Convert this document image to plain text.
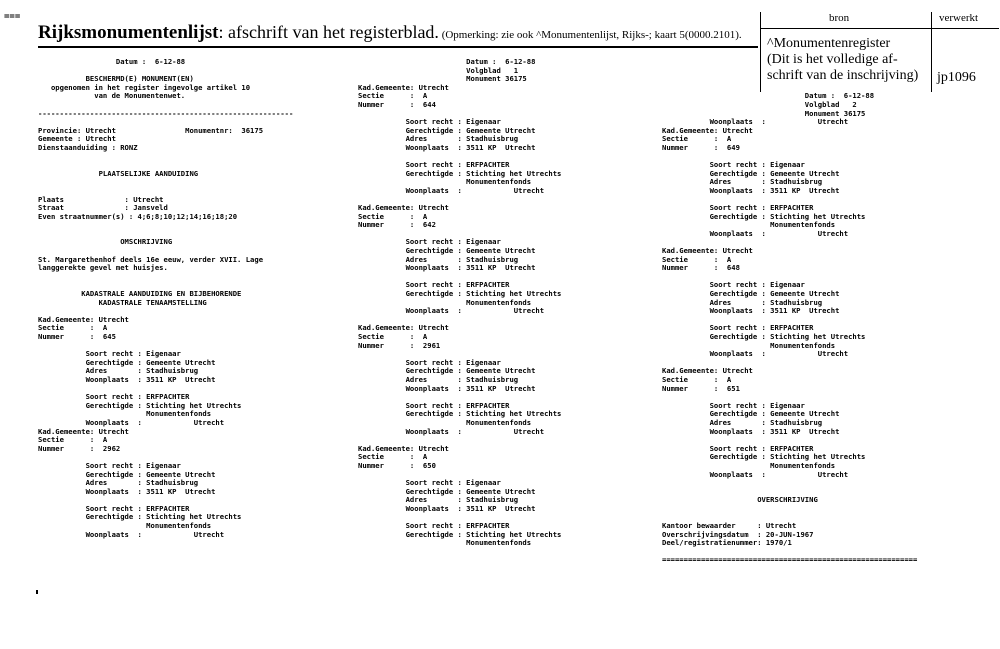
===
Rijksmonumentenlijst: afschrift van het registerblad. (Opmerking: zie ook ^Monumentenlijst, Rijks-; kaart 5(0000.2101).
bron	verwerkt
^Monumentenregister
(Dit is het volledige af-
schrift van de inschrijving)	jp1096
Datum :  6-12-88
BESCHERMD(E) MONUMENT(EN)
opgenomen in het register ingevolge artikel 10
van de Monumentenwet.
-----------------------------------------------------------
Provincie: Utrecht                Monumentnr:  36175
Gemeente : Utrecht
Dienstaanduiding : RONZ
PLAATSELIJKE AANDUIDING
Plaats              : Utrecht
Straat              : Jansveld
Even straatnummer(s) : 4;6;8;10;12;14;16;18;20
OMSCHRIJVING
St. Margarethenhof deels 16e eeuw, verder XVII. Lage
langgerekte gevel met huisjes.
KADASTRALE AANDUIDING EN BIJBEHORENDE
KADASTRALE TENAAMSTELLING
Kad.Gemeente: Utrecht
Sectie      :  A
Nummer      :  645
Soort recht : Eigenaar
Gerechtigde : Gemeente Utrecht
Adres       : Stadhuisbrug
Woonplaats  : 3511 KP  Utrecht
Soort recht : ERFPACHTER
Gerechtigde : Stichting het Utrechts
Monumentenfonds
Woonplaats  :            Utrecht
Kad.Gemeente: Utrecht
Sectie      :  A
Nummer      :  2962
Soort recht : Eigenaar
Gerechtigde : Gemeente Utrecht
Adres       : Stadhuisbrug
Woonplaats  : 3511 KP  Utrecht
Soort recht : ERFPACHTER
Gerechtigde : Stichting het Utrechts
Monumentenfonds
Woonplaats  :            Utrecht
Datum :  6-12-88
Volgblad   1
Monument 36175
Kad.Gemeente: Utrecht
Sectie      :  A
Nummer      :  644
Soort recht : Eigenaar
Gerechtigde : Gemeente Utrecht
Adres       : Stadhuisbrug
Woonplaats  : 3511 KP  Utrecht
Soort recht : ERFPACHTER
Gerechtigde : Stichting het Utrechts
Monumentenfonds
Woonplaats  :            Utrecht
Kad.Gemeente: Utrecht
Sectie      :  A
Nummer      :  642
Soort recht : Eigenaar
Gerechtigde : Gemeente Utrecht
Adres       : Stadhuisbrug
Woonplaats  : 3511 KP  Utrecht
Soort recht : ERFPACHTER
Gerechtigde : Stichting het Utrechts
Monumentenfonds
Woonplaats  :            Utrecht
Kad.Gemeente: Utrecht
Sectie      :  A
Nummer      :  2961
Soort recht : Eigenaar
Gerechtigde : Gemeente Utrecht
Adres       : Stadhuisbrug
Woonplaats  : 3511 KP  Utrecht
Soort recht : ERFPACHTER
Gerechtigde : Stichting het Utrechts
Monumentenfonds
Woonplaats  :            Utrecht
Kad.Gemeente: Utrecht
Sectie      :  A
Nummer      :  650
Soort recht : Eigenaar
Gerechtigde : Gemeente Utrecht
Adres       : Stadhuisbrug
Woonplaats  : 3511 KP  Utrecht
Soort recht : ERFPACHTER
Gerechtigde : Stichting het Utrechts
Monumentenfonds
Datum :  6-12-88
Volgblad   2
Monument 36175
Woonplaats  :            Utrecht
Kad.Gemeente: Utrecht
Sectie      :  A
Nummer      :  649
Soort recht : Eigenaar
Gerechtigde : Gemeente Utrecht
Adres       : Stadhuisbrug
Woonplaats  : 3511 KP  Utrecht
Soort recht : ERFPACHTER
Gerechtigde : Stichting het Utrechts
Monumentenfonds
Woonplaats  :            Utrecht
Kad.Gemeente: Utrecht
Sectie      :  A
Nummer      :  648
Soort recht : Eigenaar
Gerechtigde : Gemeente Utrecht
Adres       : Stadhuisbrug
Woonplaats  : 3511 KP  Utrecht
Soort recht : ERFPACHTER
Gerechtigde : Stichting het Utrechts
Monumentenfonds
Woonplaats  :            Utrecht
Kad.Gemeente: Utrecht
Sectie      :  A
Nummer      :  651
Soort recht : Eigenaar
Gerechtigde : Gemeente Utrecht
Adres       : Stadhuisbrug
Woonplaats  : 3511 KP  Utrecht
Soort recht : ERFPACHTER
Gerechtigde : Stichting het Utrechts
Monumentenfonds
Woonplaats  :            Utrecht
OVERSCHRIJVING
Kantoor bewaarder     : Utrecht
Overschrijvingsdatum  : 20-JUN-1967
Deel/registratienummer: 1970/1
===========================================================
